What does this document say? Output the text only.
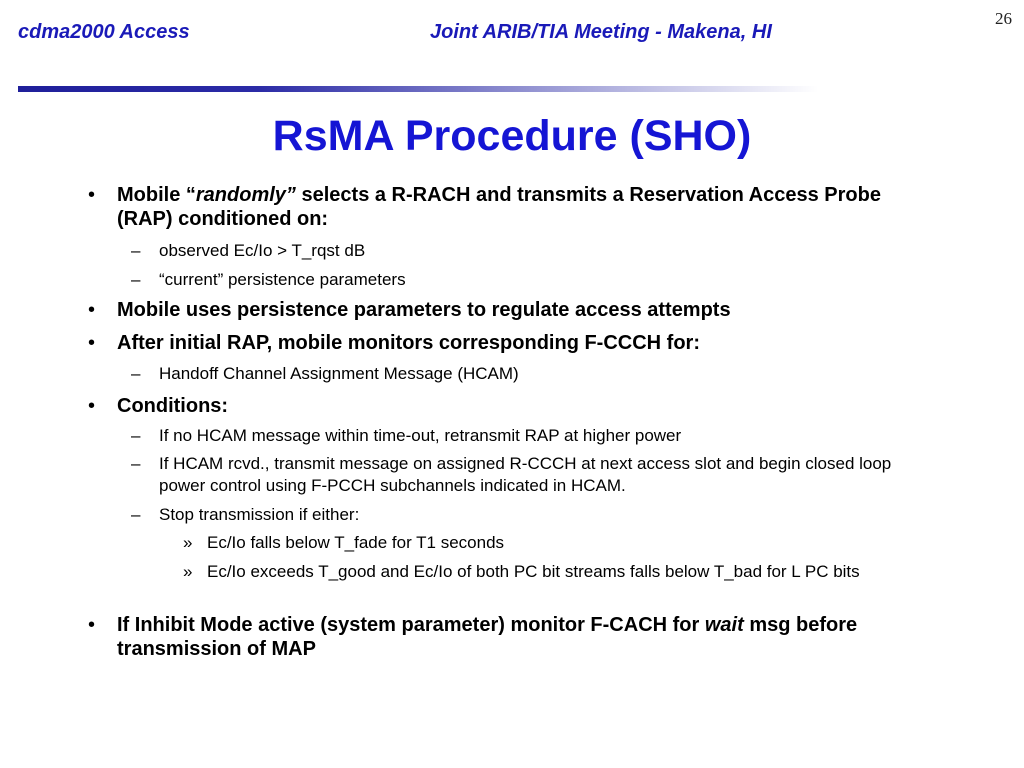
cdma2000 Access	Joint ARIB/TIA Meeting - Makena, HI
26
RsMA Procedure (SHO)
• Mobile “randomly” selects a R-RACH and transmits a Reservation Access Probe (RAP) conditioned on:
– observed Ec/Io > T_rqst dB
– “current” persistence parameters
• Mobile uses persistence parameters to regulate access attempts
• After initial RAP, mobile monitors corresponding F-CCCH for:
– Handoff Channel Assignment Message (HCAM)
• Conditions:
– If no HCAM message within time-out, retransmit RAP at higher power
– If HCAM rcvd., transmit message on assigned R-CCCH at next access slot and begin closed loop power control using F-PCCH subchannels indicated in HCAM.
– Stop transmission if either:
» Ec/Io falls below T_fade for T1 seconds
» Ec/Io exceeds T_good and Ec/Io of both PC bit streams falls below T_bad for L PC bits
• If Inhibit Mode active (system parameter) monitor F-CACH for wait msg before transmission of MAP
